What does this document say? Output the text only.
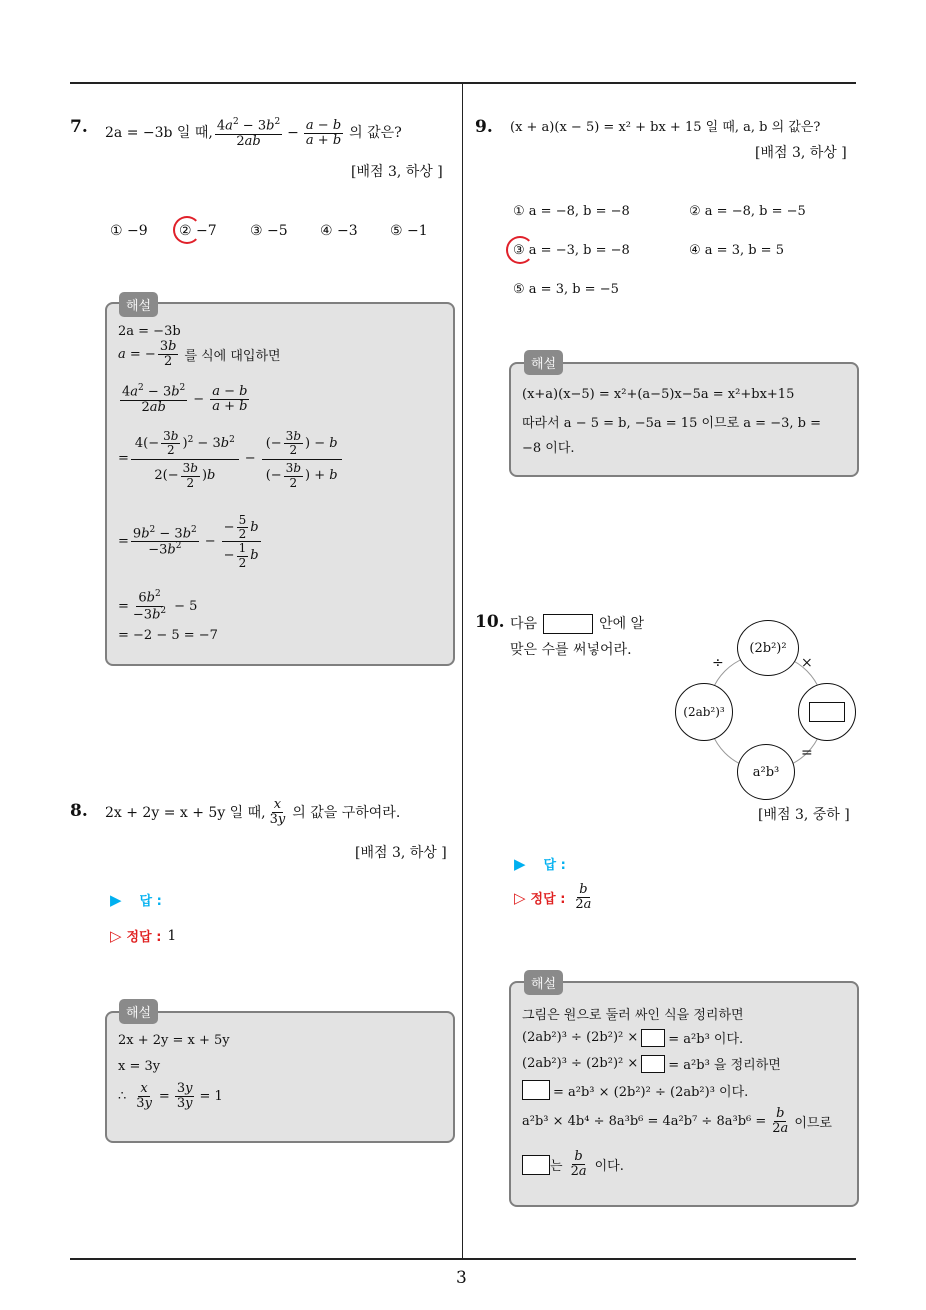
3
7. 2a = −3b 일 때, $\frac{4a^2 - 3b^2}{2ab} - \frac{a - b}{a + b}$ 의 값은?
[배점 3, 하상 ]
① −9 ② −7 ③ −5 ④ −3 ⑤ −1
해설
2a = −3b
a = − $\frac{3b}{2}$ 를 식에 대입하면
$\frac{4a^2 - 3b^2}{2ab} - \frac{a - b}{a + b}$
= $\frac{4(- \frac{3b}{2} )^2 - 3b^2}{2(- \frac{3b}{2} )b} - \frac{(- \frac{3b}{2} ) - b}{(- \frac{3b}{2} ) + b}$
= $\frac{9b^2 - 3b^2}{-3b^2} - \frac{- \frac{5}{2} b}{- \frac{1}{2} b}$
= $\frac{6b^2}{-3b^2} - 5$
= −2 − 5 = −7
8. 2x + 2y = x + 5y 일 때, $\frac{x}{3y}$ 의 값을 구하여라.
[배점 3, 하상 ]
▶ 답 :
▷ 정답 : 1
해설
2x + 2y = x + 5y
x = 3y
∴ $\frac{x}{3y} = \frac{3y}{3y} = 1$
9. (x + a)(x − 5) = x² + bx + 15 일 때, a, b 의 값은?
[배점 3, 하상 ]
① a = −8, b = −8	② a = −8, b = −5
③ a = −3, b = −8	④ a = 3, b = 5
⑤ a = 3, b = −5
해설
(x+a)(x−5) = x²+(a−5)x−5a = x²+bx+15
따라서 a − 5 = b, −5a = 15 이므로 a = −3, b =
−8 이다.
10. 다음	안에 알
맞은 수를 써넣어라.	(2b²)²
(2ab²)³
a²b³
÷	×
=
[배점 3, 중하 ]
▶ 답 :
▷ 정답 : $\frac{b}{2a}$
해설
그림은 원으로 둘러 싸인 식을 정리하면
(2ab²)³ ÷ (2b²)² × = a²b³ 이다.
(2ab²)³ ÷ (2b²)² × = a²b³ 을 정리하면
= a²b³ × (2b²)² ÷ (2ab²)³ 이다.
$a^2b^3 \times 4b^4 \div 8a^3b^6 = 4a^2b^7 \div 8a^3b^6 = \frac{b}{2a}$ 이므로
는 $\frac{b}{2a}$ 이다.
